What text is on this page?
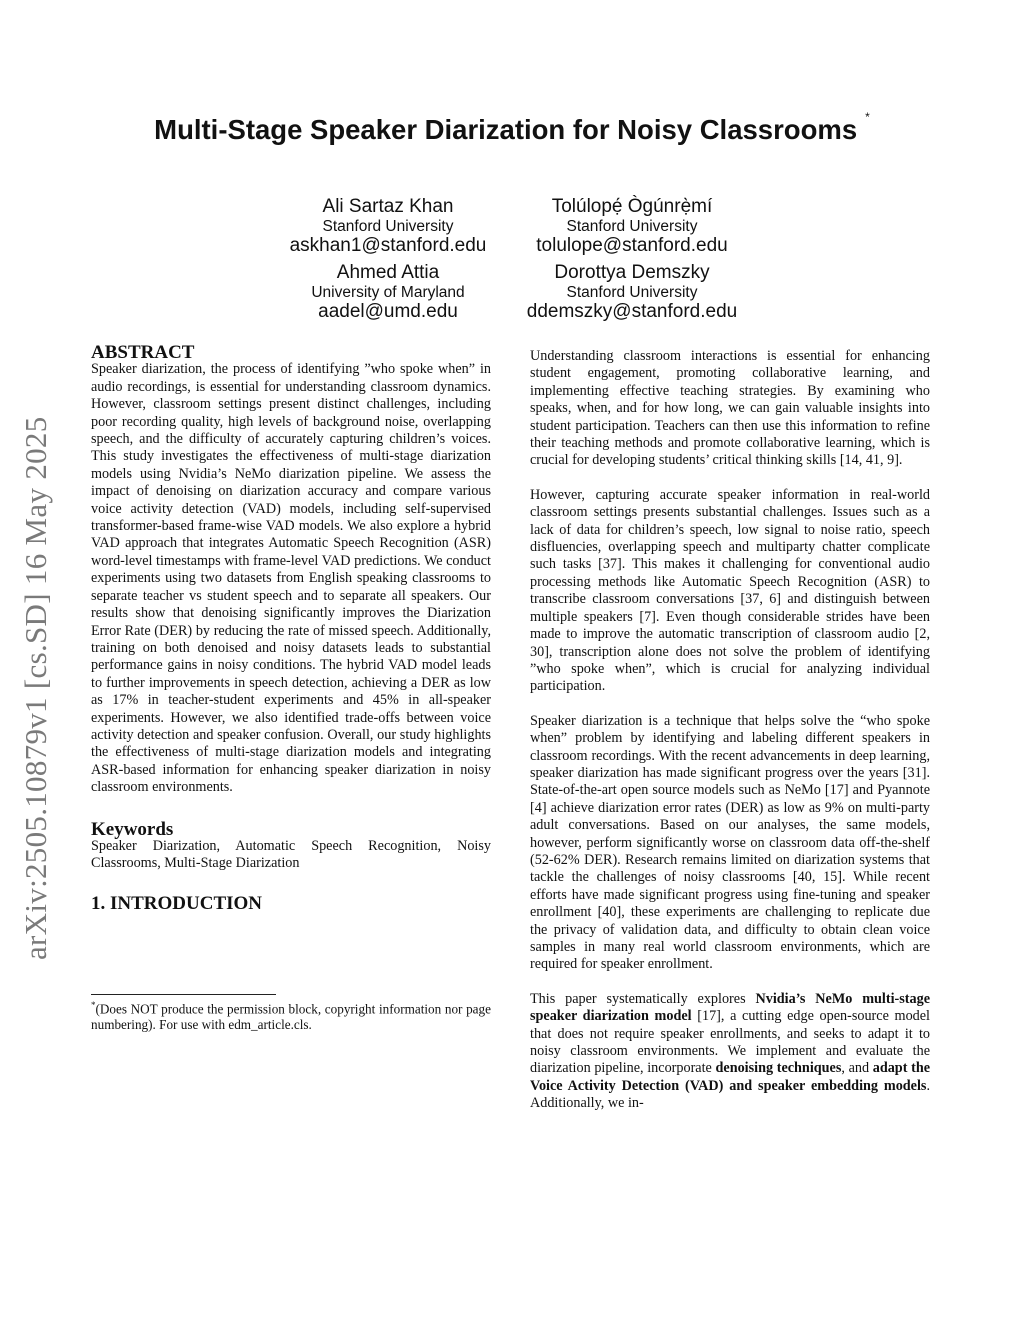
arXiv:2505.10879v1 [cs.SD] 16 May 2025
Multi-Stage Speaker Diarization for Noisy Classrooms *
Ali Sartaz Khan
Stanford University
askhan1@stanford.edu
Tolúlopẹ́ Ògúnrẹ̀mí
Stanford University
tolulope@stanford.edu
Ahmed Attia
University of Maryland
aadel@umd.edu
Dorottya Demszky
Stanford University
ddemszky@stanford.edu
ABSTRACT

Speaker diarization, the process of identifying ”who spoke when” in audio recordings, is essential for understanding classroom dynamics. However, classroom settings present distinct challenges, including poor recording quality, high levels of background noise, overlapping speech, and the difficulty of accurately capturing children’s voices. This study investigates the effectiveness of multi-stage diarization models using Nvidia’s NeMo diarization pipeline. We assess the impact of denoising on diarization accuracy and compare various voice activity detection (VAD) models, including self-supervised transformer-based frame-wise VAD models. We also explore a hybrid VAD approach that integrates Automatic Speech Recognition (ASR) word-level timestamps with frame-level VAD predictions. We conduct experiments using two datasets from English speaking classrooms to separate teacher vs student speech and to separate all speakers. Our results show that denoising significantly improves the Diarization Error Rate (DER) by reducing the rate of missed speech. Additionally, training on both denoised and noisy datasets leads to substantial performance gains in noisy conditions. The hybrid VAD model leads to further improvements in speech detection, achieving a DER as low as 17% in teacher-student experiments and 45% in all-speaker experiments. However, we also identified trade-offs between voice activity detection and speaker confusion. Overall, our study highlights the effectiveness of multi-stage diarization models and integrating ASR-based information for enhancing speaker diarization in noisy classroom environments.

Keywords

Speaker Diarization, Automatic Speech Recognition, Noisy Classrooms, Multi-Stage Diarization

1. INTRODUCTION
*(Does NOT produce the permission block, copyright information nor page numbering). For use with edm_article.cls.

Understanding classroom interactions is essential for enhancing student engagement, promoting collaborative learning, and implementing effective teaching strategies. By examining who speaks, when, and for how long, we can gain valuable insights into student participation. Teachers can then use this information to refine their teaching methods and promote collaborative learning, which is crucial for developing students’ critical thinking skills [14, 41, 9].

However, capturing accurate speaker information in real-world classroom settings presents substantial challenges. Issues such as a lack of data for children’s speech, low signal to noise ratio, speech disfluencies, overlapping speech and multiparty chatter complicate such tasks [37]. This makes it challenging for conventional audio processing methods like Automatic Speech Recognition (ASR) to transcribe classroom conversations [37, 6] and distinguish between multiple speakers [7]. Even though considerable strides have been made to improve the automatic transcription of classroom audio [2, 30], transcription alone does not solve the problem of identifying ”who spoke when”, which is crucial for analyzing individual participation.

Speaker diarization is a technique that helps solve the “who spoke when” problem by identifying and labeling different speakers in classroom recordings. With the recent advancements in deep learning, speaker diarization has made significant progress over the years [31]. State-of-the-art open source models such as NeMo [17] and Pyannote [4] achieve diarization error rates (DER) as low as 9% on multi-party adult conversations. Based on our analyses, the same models, however, perform significantly worse on classroom data off-the-shelf (52-62% DER). Research remains limited on diarization systems that tackle the challenges of noisy classrooms [40, 15]. While recent efforts have made significant progress using fine-tuning and speaker enrollment [40], these experiments are challenging to replicate due the privacy of validation data, and difficulty to obtain clean voice samples in many real world classroom environments, which are required for speaker enrollment.

This paper systematically explores Nvidia’s NeMo multi-stage speaker diarization model [17], a cutting edge open-source model that does not require speaker enrollments, and seeks to adapt it to noisy classroom environments. We implement and evaluate the diarization pipeline, incorporate denoising techniques, and adapt the Voice Activity Detection (VAD) and speaker embedding models. Additionally, we in-
